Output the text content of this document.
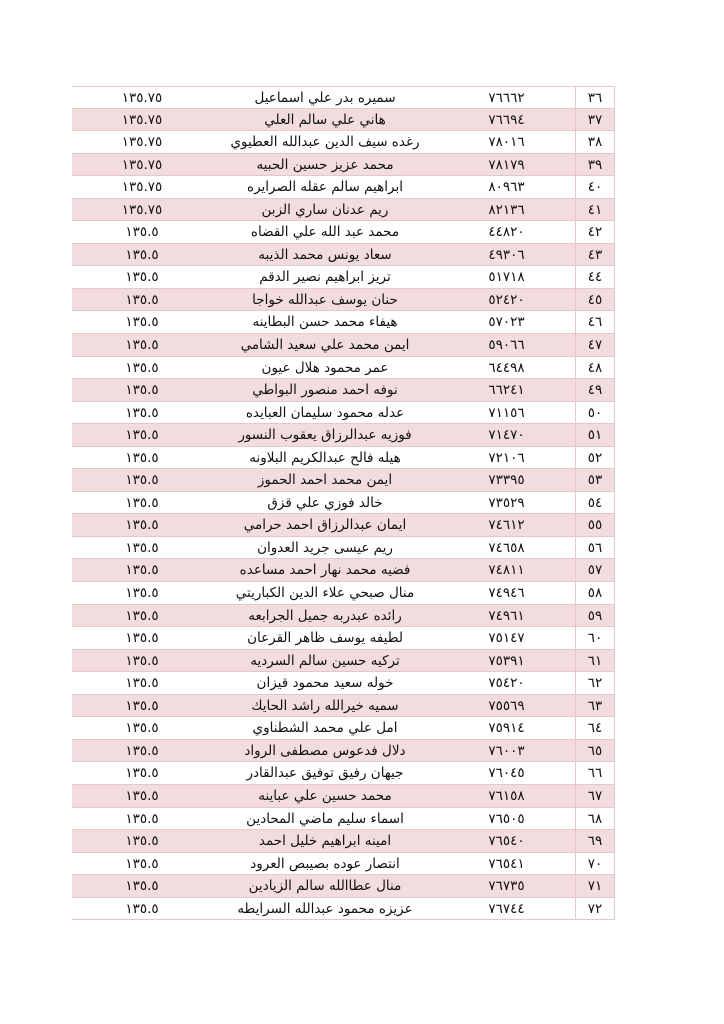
٣٦
٧٦٦٦٢
سميره بدر علي اسماعيل
١٣٥.٧٥
٣٧
٧٦٦٩٤
هاني علي سالم العلي
١٣٥.٧٥
٣٨
٧٨٠١٦
رغده سيف الدين عبدالله العطيوي
١٣٥.٧٥
٣٩
٧٨١٧٩
محمد عزيز حسين الحبيه
١٣٥.٧٥
٤٠
٨٠٩٦٣
ابراهيم سالم عقله الصرايره
١٣٥.٧٥
٤١
٨٢١٣٦
ريم عدنان ساري الزبن
١٣٥.٧٥
٤٢
٤٤٨٢٠
محمد عبد الله علي القضاه
١٣٥.٥
٤٣
٤٩٣٠٦
سعاد يونس محمد الذيبه
١٣٥.٥
٤٤
٥١٧١٨
تريز ابراهيم نصير الدقم
١٣٥.٥
٤٥
٥٢٤٢٠
حنان يوسف عبدالله خواجا
١٣٥.٥
٤٦
٥٧٠٢٣
هيفاء محمد حسن البطاينه
١٣٥.٥
٤٧
٥٩٠٦٦
ايمن محمد علي سعيد الشامي
١٣٥.٥
٤٨
٦٤٤٩٨
عمر محمود هلال عيون
١٣٥.٥
٤٩
٦٦٢٤١
نوفه احمد منصور البواطي
١٣٥.٥
٥٠
٧١١٥٦
عدله محمود سليمان العبايده
١٣٥.٥
٥١
٧١٤٧٠
فوزيه عبدالرزاق يعقوب النسور
١٣٥.٥
٥٢
٧٢١٠٦
هيله فالح عبدالكريم البلاونه
١٣٥.٥
٥٣
٧٣٣٩٥
ايمن محمد احمد الحموز
١٣٥.٥
٥٤
٧٣٥٢٩
خالد فوزي علي قزق
١٣٥.٥
٥٥
٧٤٦١٢
ايمان عبدالرزاق احمد حرامي
١٣٥.٥
٥٦
٧٤٦٥٨
ريم عيسى جريد العدوان
١٣٥.٥
٥٧
٧٤٨١١
فضيه محمد نهار احمد مساعده
١٣٥.٥
٥٨
٧٤٩٤٦
منال صبحي علاء الدين الكباريتي
١٣٥.٥
٥٩
٧٤٩٦١
رائده عبدربه جميل الجرابعه
١٣٥.٥
٦٠
٧٥١٤٧
لطيفه يوسف ظاهر القرعان
١٣٥.٥
٦١
٧٥٣٩١
تركيه حسين سالم السرديه
١٣٥.٥
٦٢
٧٥٤٢٠
خوله سعيد محمود قيزان
١٣٥.٥
٦٣
٧٥٥٦٩
سميه خيرالله راشد الحايك
١٣٥.٥
٦٤
٧٥٩١٤
امل علي محمد الشطناوي
١٣٥.٥
٦٥
٧٦٠٠٣
دلال فدعوس مصطفى الرواد
١٣٥.٥
٦٦
٧٦٠٤٥
جيهان رفيق توفيق عبدالقادر
١٣٥.٥
٦٧
٧٦١٥٨
محمد حسين علي عباينه
١٣٥.٥
٦٨
٧٦٥٠٥
اسماء سليم ماضي المحادين
١٣٥.٥
٦٩
٧٦٥٤٠
امينه ابراهيم خليل احمد
١٣٥.٥
٧٠
٧٦٥٤١
انتصار عوده بصيبص العرود
١٣٥.٥
٧١
٧٦٧٣٥
منال عطاالله سالم الزيادين
١٣٥.٥
٧٢
٧٦٧٤٤
عزيزه محمود عبدالله السرايطه
١٣٥.٥
